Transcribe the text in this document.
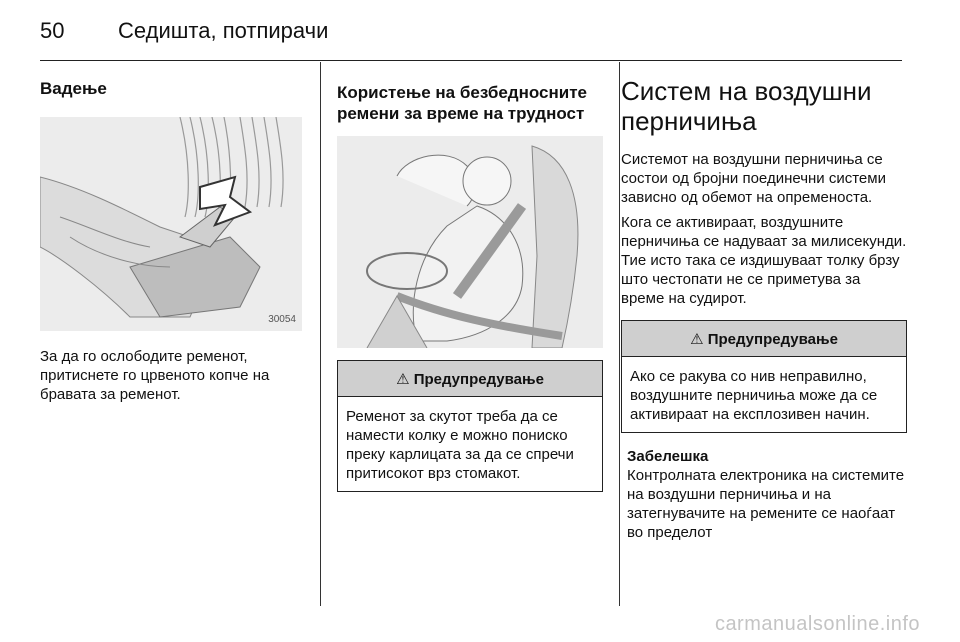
50 Седишта, потпирачи
Вадење
30054

За да го ослободите ременот, притиснете го црвеното копче на бравата за ременот.

Користење на безбедносните ремени за време на трудност
⚠ Предупредување

Ременот за скутот треба да се намести колку е можно пониско преку карлицата за да се спречи притисокот врз стомакот.

Систем на воздушни перничиња

Системот на воздушни перничиња се состои од бројни поединечни системи зависно од обемот на опременоста.

Кога се активираат, воздушните перничиња се надуваат за милисекунди. Тие исто така се издишуваат толку брзу што честопати не се приметува за време на судирот.

⚠ Предупредување

Ако се ракува со нив неправилно, воздушните перничиња може да се активираат на експлозивен начин.

Забелешка

Контролната електроника на системите на воздушни перничиња и на затегнувачите на ремените се наоѓаат во пределот

carmanualsonline.info
